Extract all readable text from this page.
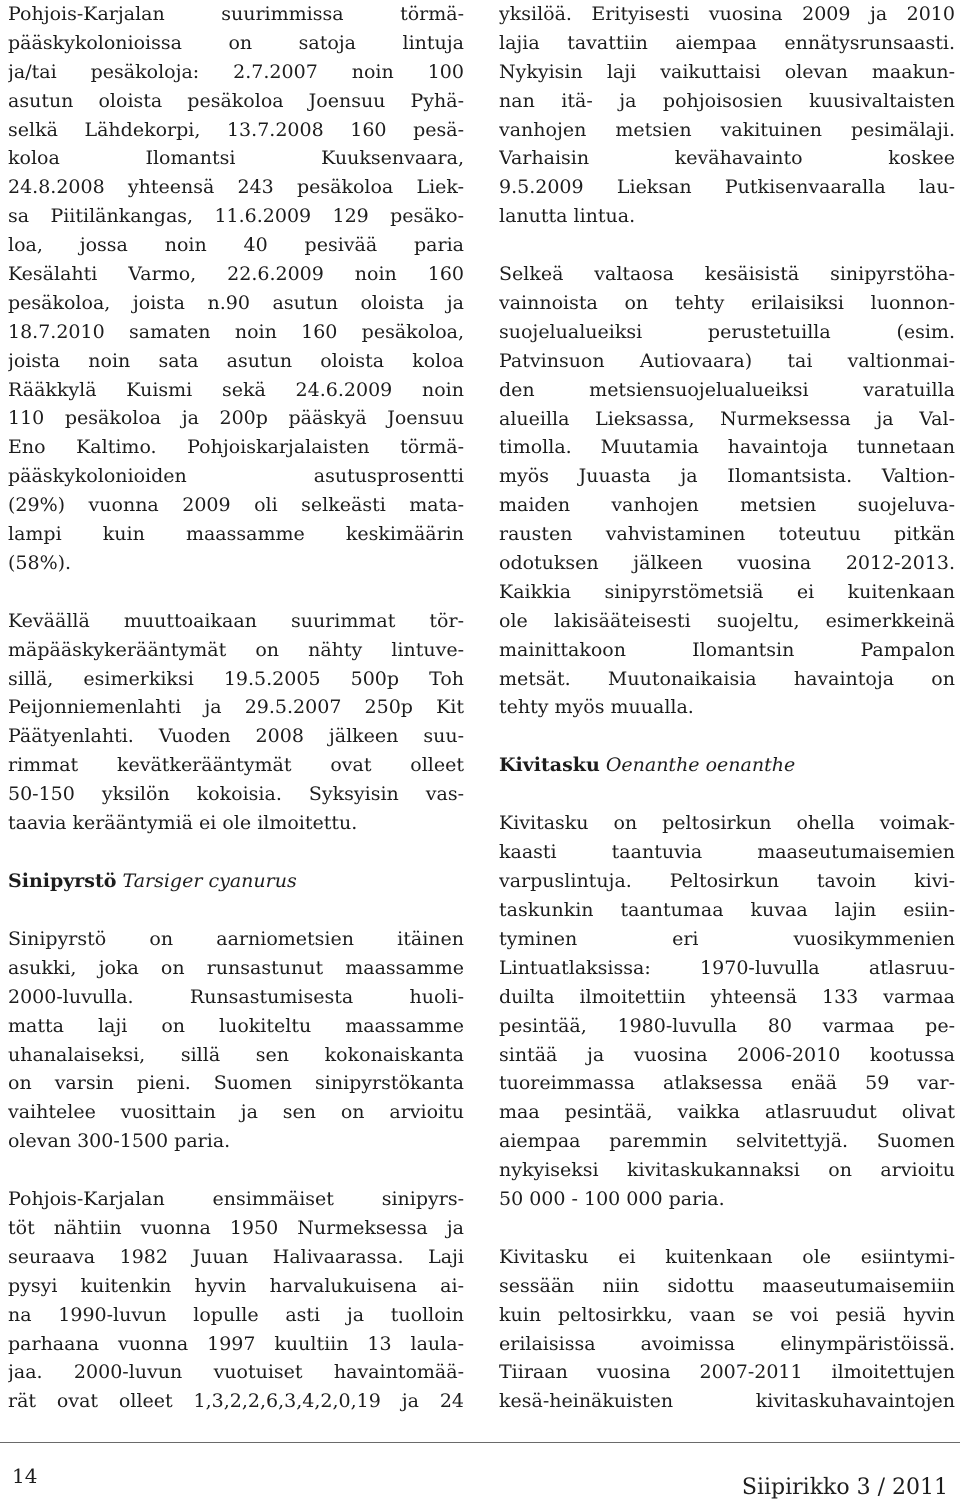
Pohjois-Karjalan suurimmissa törmä-
pääskykolonioissa on satoja lintuja
ja/tai pesäkoloja: 2.7.2007 noin 100
asutun oloista pesäkoloa Joensuu Pyhä-
selkä Lähdekorpi, 13.7.2008 160 pesä-
koloa Ilomantsi Kuuksenvaara,
24.8.2008 yhteensä 243 pesäkoloa Liek-
sa Piitilänkangas, 11.6.2009 129 pesäko-
loa, jossa noin 40 pesivää paria
Kesälahti Varmo, 22.6.2009 noin 160
pesäkoloa, joista n.90 asutun oloista ja
18.7.2010 samaten noin 160 pesäkoloa,
joista noin sata asutun oloista koloa
Rääkkylä Kuismi sekä 24.6.2009 noin
110 pesäkoloa ja 200p pääskyä Joensuu
Eno Kaltimo. Pohjoiskarjalaisten törmä-
pääskykolonioiden asutusprosentti
(29%) vuonna 2009 oli selkeästi mata-
lampi kuin maassamme keskimäärin
(58%).
Keväällä muuttoaikaan suurimmat tör-
mäpääskykerääntymät on nähty lintuve-
sillä, esimerkiksi 19.5.2005 500p Toh
Peijonniemenlahti ja 29.5.2007 250p Kit
Päätyenlahti. Vuoden 2008 jälkeen suu-
rimmat kevätkerääntymät ovat olleet
50-150 yksilön kokoisia. Syksyisin vas-
taavia kerääntymiä ei ole ilmoitettu.
Sinipyrstö Tarsiger cyanurus
Sinipyrstö on aarniometsien itäinen
asukki, joka on runsastunut maassamme
2000-luvulla. Runsastumisesta huoli-
matta laji on luokiteltu maassamme
uhanalaiseksi, sillä sen kokonaiskanta
on varsin pieni. Suomen sinipyrstökanta
vaihtelee vuosittain ja sen on arvioitu
olevan 300-1500 paria.
Pohjois-Karjalan ensimmäiset sinipyrs-
töt nähtiin vuonna 1950 Nurmeksessa ja
seuraava 1982 Juuan Halivaarassa. Laji
pysyi kuitenkin hyvin harvalukuisena ai-
na 1990-luvun lopulle asti ja tuolloin
parhaana vuonna 1997 kuultiin 13 laula-
jaa. 2000-luvun vuotuiset havaintomää-
rät ovat olleet 1,3,2,2,6,3,4,2,0,19 ja 24
yksilöä. Erityisesti vuosina 2009 ja 2010
lajia tavattiin aiempaa ennätysrunsaasti.
Nykyisin laji vaikuttaisi olevan maakun-
nan itä- ja pohjoisosien kuusivaltaisten
vanhojen metsien vakituinen pesimälaji.
Varhaisin kevähavainto koskee
9.5.2009 Lieksan Putkisenvaaralla lau-
lanutta lintua.
Selkeä valtaosa kesäisistä sinipyrstöha-
vainnoista on tehty erilaisiksi luonnon-
suojelualueiksi perustetuilla (esim.
Patvinsuon Autiovaara) tai valtionmai-
den metsiensuojelualueiksi varatuilla
alueilla Lieksassa, Nurmeksessa ja Val-
timolla. Muutamia havaintoja tunnetaan
myös Juuasta ja Ilomantsista. Valtion-
maiden vanhojen metsien suojeluva-
rausten vahvistaminen toteutuu pitkän
odotuksen jälkeen vuosina 2012-2013.
Kaikkia sinipyrstömetsiä ei kuitenkaan
ole lakisääteisesti suojeltu, esimerkkeinä
mainittakoon Ilomantsin Pampalon
metsät. Muutonaikaisia havaintoja on
tehty myös muualla.
Kivitasku Oenanthe oenanthe
Kivitasku on peltosirkun ohella voimak-
kaasti taantuvia maaseutumaisemien
varpuslintuja. Peltosirkun tavoin kivi-
taskunkin taantumaa kuvaa lajin esiin-
tyminen eri vuosikymmenien
Lintuatlaksissa: 1970-luvulla atlasruu-
duilta ilmoitettiin yhteensä 133 varmaa
pesintää, 1980-luvulla 80 varmaa pe-
sintää ja vuosina 2006-2010 kootussa
tuoreimmassa atlaksessa enää 59 var-
maa pesintää, vaikka atlasruudut olivat
aiempaa paremmin selvitettyjä. Suomen
nykyiseksi kivitaskukannaksi on arvioitu
50 000 - 100 000 paria.
Kivitasku ei kuitenkaan ole esiintymi-
sessään niin sidottu maaseutumaisemiin
kuin peltosirkku, vaan se voi pesiä hyvin
erilaisissa avoimissa elinympäristöissä.
Tiiraan vuosina 2007-2011 ilmoitettujen
kesä-heinäkuisten kivitaskuhavaintojen
14	Siipirikko 3 / 2011
